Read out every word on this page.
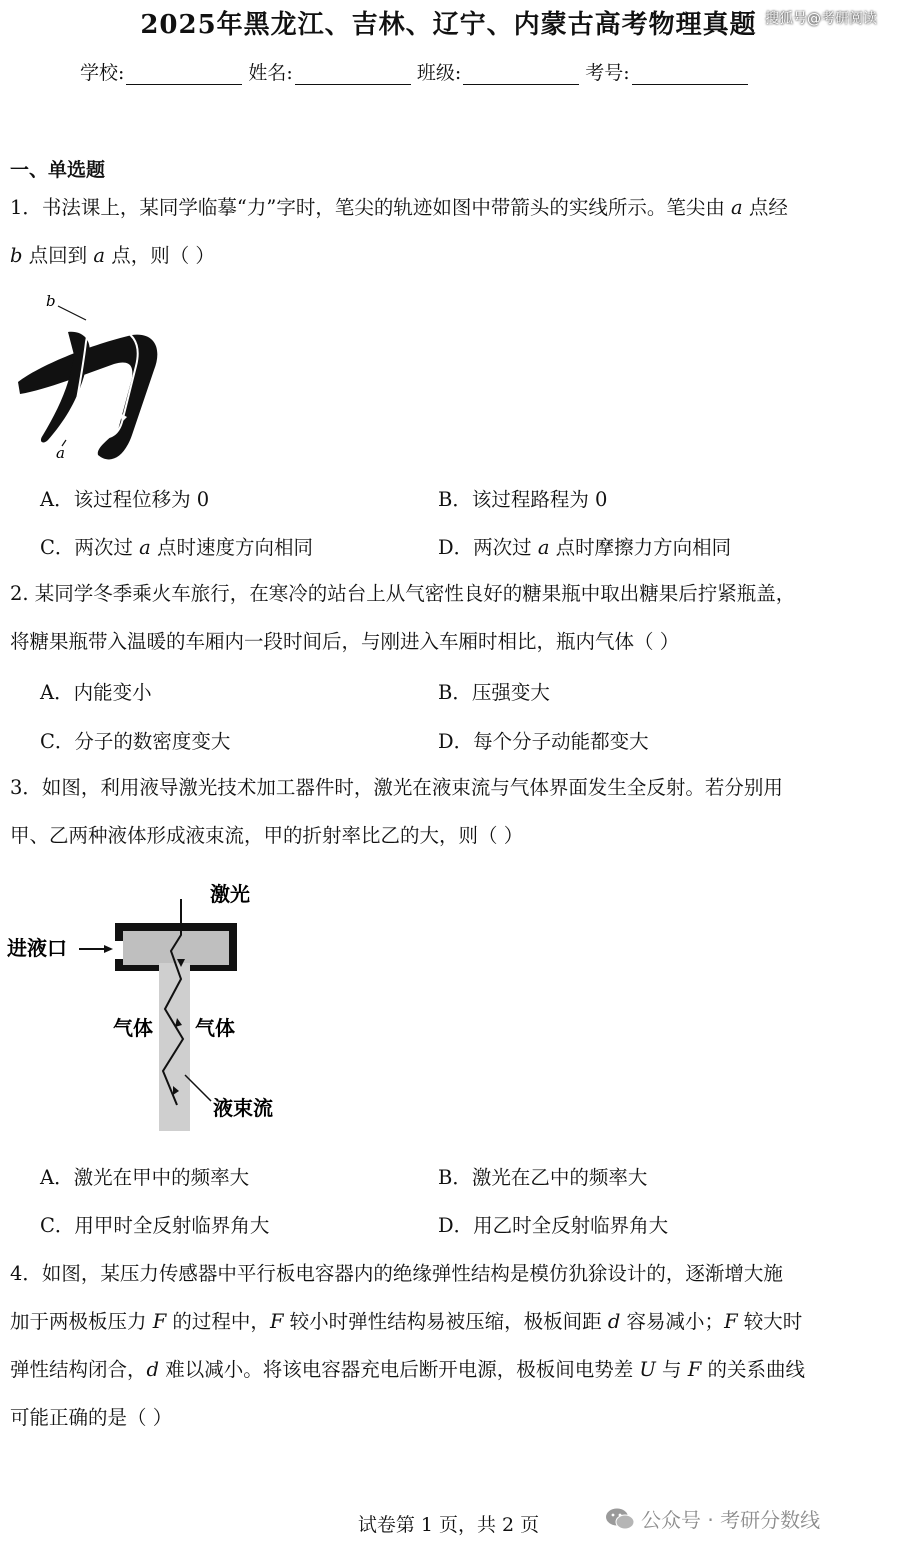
2025年黑龙江、吉林、辽宁、内蒙古高考物理真题 搜狐号@考研阅读
学校:	姓名:	班级:	考号:
一、单选题
1．书法课上，某同学临摹“力”字时，笔尖的轨迹如图中带箭头的实线所示。笔尖由 a 点经
b 点回到 a 点，则（ ）
b
a
A．该过程位移为 0	B．该过程路程为 0
C．两次过 a 点时速度方向相同	D．两次过 a 点时摩擦力方向相同
2. 某同学冬季乘火车旅行，在寒冷的站台上从气密性良好的糖果瓶中取出糖果后拧紧瓶盖，
将糖果瓶带入温暖的车厢内一段时间后，与刚进入车厢时相比，瓶内气体（ ）
A．内能变小	B．压强变大
C．分子的数密度变大	D．每个分子动能都变大
3．如图，利用液导激光技术加工器件时，激光在液束流与气体界面发生全反射。若分别用
甲、乙两种液体形成液束流，甲的折射率比乙的大，则（ ）
激光
进液口
气体 气体
液束流
A．激光在甲中的频率大	B．激光在乙中的频率大
C．用甲时全反射临界角大	D．用乙时全反射临界角大
4．如图，某压力传感器中平行板电容器内的绝缘弹性结构是模仿犰狳设计的，逐渐增大施
加于两极板压力 F 的过程中，F 较小时弹性结构易被压缩，极板间距 d 容易减小；F 较大时
弹性结构闭合，d 难以减小。将该电容器充电后断开电源，极板间电势差 U 与 F 的关系曲线
可能正确的是（ ）
试卷第 1 页，共 2 页	公众号 · 考研分数线
